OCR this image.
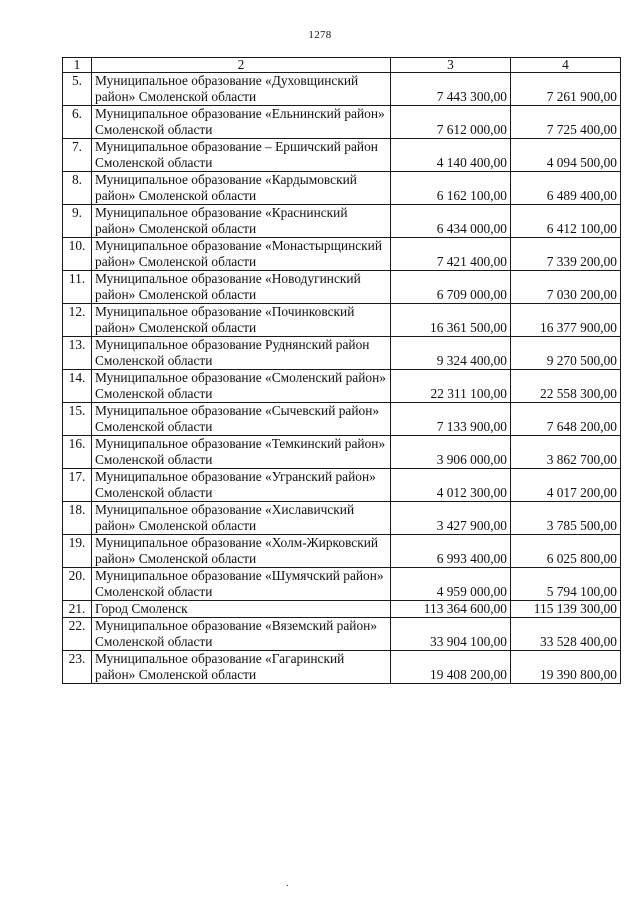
1278
1	2	3	4
5.	Муниципальное образование «Духовщинский район» Смоленской области	7 443 300,00	7 261 900,00
6.	Муниципальное образование «Ельнинский район» Смоленской области	7 612 000,00	7 725 400,00
7.	Муниципальное образование – Ершичский район Смоленской области	4 140 400,00	4 094 500,00
8.	Муниципальное образование «Кардымовский район» Смоленской области	6 162 100,00	6 489 400,00
9.	Муниципальное образование «Краснинский район» Смоленской области	6 434 000,00	6 412 100,00
10.	Муниципальное образование «Монастырщинский район» Смоленской области	7 421 400,00	7 339 200,00
11.	Муниципальное образование «Новодугинский район» Смоленской области	6 709 000,00	7 030 200,00
12.	Муниципальное образование «Починковский район» Смоленской области	16 361 500,00	16 377 900,00
13.	Муниципальное образование Руднянский район Смоленской области	9 324 400,00	9 270 500,00
14.	Муниципальное образование «Смоленский район» Смоленской области	22 311 100,00	22 558 300,00
15.	Муниципальное образование «Сычевский район» Смоленской области	7 133 900,00	7 648 200,00
16.	Муниципальное образование «Темкинский район» Смоленской области	3 906 000,00	3 862 700,00
17.	Муниципальное образование «Угранский район» Смоленской области	4 012 300,00	4 017 200,00
18.	Муниципальное образование «Хиславичский район» Смоленской области	3 427 900,00	3 785 500,00
19.	Муниципальное образование «Холм-Жирковский район» Смоленской области	6 993 400,00	6 025 800,00
20.	Муниципальное образование «Шумячский район» Смоленской области	4 959 000,00	5 794 100,00
21.	Город Смоленск	113 364 600,00	115 139 300,00
22.	Муниципальное образование «Вяземский район» Смоленской области	33 904 100,00	33 528 400,00
23.	Муниципальное образование «Гагаринский район» Смоленской области	19 408 200,00	19 390 800,00
.
